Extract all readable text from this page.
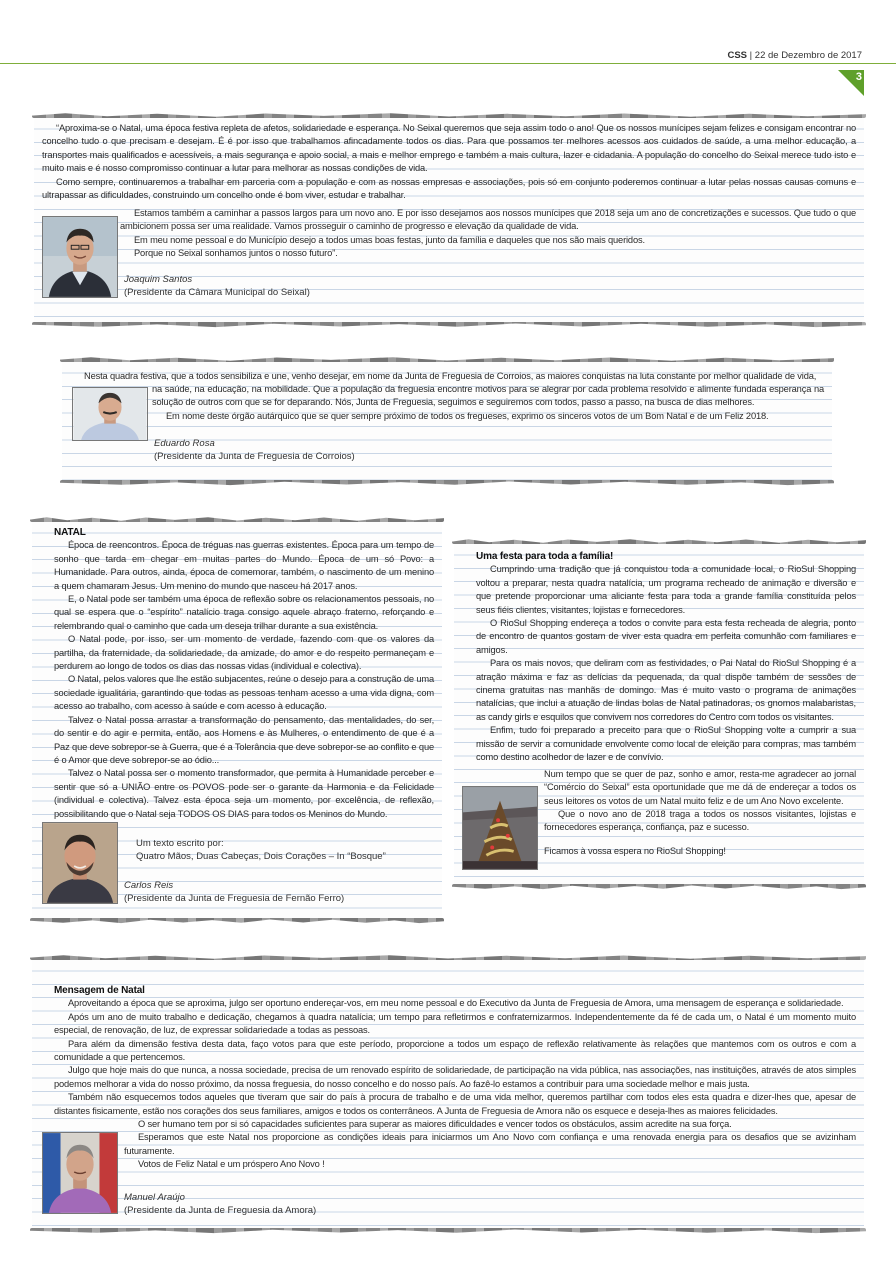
CSS | 22 de Dezembro de 2017
3

“Aproxima-se o Natal, uma época festiva repleta de afetos, solidariedade e esperança. No Seixal queremos que seja assim todo o ano! Que os nossos munícipes sejam felizes e consigam encontrar no concelho tudo o que precisam e desejam. É é por isso que trabalhamos afincadamente todos os dias. Para que possamos ter melhores acessos aos cuidados de saúde, a uma melhor educação, a transportes mais qualificados e acessíveis, a mais segurança e apoio social, a mais e melhor emprego e também a mais cultura, lazer e cidadania. A população do concelho do Seixal merece tudo isto e muito mais e é nosso compromisso continuar a lutar para melhorar as nossas condições de vida.

Como sempre, continuaremos a trabalhar em parceria com a população e com as nossas empresas e associações, pois só em conjunto poderemos continuar a lutar pelas nossas causas comuns e ultrapassar as dificuldades, construindo um concelho onde é bom viver, estudar e trabalhar.

Estamos também a caminhar a passos largos para um novo ano. E por isso desejamos aos nossos munícipes que 2018 seja um ano de concretizações e sucessos. Que tudo o que ambicionem possa ser uma realidade. Vamos prosseguir o caminho de progresso e elevação da qualidade de vida.

Em meu nome pessoal e do Município desejo a todos umas boas festas, junto da família e daqueles que nos são mais queridos.

Porque no Seixal sonhamos juntos o nosso futuro”.

Joaquim Santos
(Presidente da Câmara Municipal do Seixal)

Nesta quadra festiva, que a todos sensibiliza e une, venho desejar, em nome da Junta de Freguesia de Corroios, as maiores conquistas na luta constante por melhor qualidade de vida,

na saúde, na educação, na mobilidade. Que a população da freguesia encontre motivos para se alegrar por cada problema resolvido e alimente fundada esperança na solução de outros com que se for deparando. Nós, Junta de Freguesia, seguimos e seguiremos com todos, passo a passo, na busca de dias melhores.

Em nome deste órgão autárquico que se quer sempre próximo de todos os fregueses, exprimo os sinceros votos de um Bom Natal e de um Feliz 2018.

Eduardo Rosa
(Presidente da Junta de Freguesia de Corroios)

NATAL

Época de reencontros. Época de tréguas nas guerras existentes. Época para um tempo de sonho que tarda em chegar em muitas partes do Mundo. Época de um só Povo: a Humanidade. Para outros, ainda, época de comemorar, também, o nascimento de um menino a quem chamaram Jesus. Um menino do mundo que nasceu há 2017 anos.

E, o Natal pode ser também uma época de reflexão sobre os relacionamentos pessoais, no qual se espera que o “espírito” natalício traga consigo aquele abraço fraterno, reforçando e relembrando qual o caminho que cada um deseja trilhar durante a sua existência.

O Natal pode, por isso, ser um momento de verdade, fazendo com que os valores da partilha, da fraternidade, da solidariedade, da amizade, do amor e do respeito permaneçam e perdurem ao longo de todos os dias das nossas vidas (individual e colectiva).

O Natal, pelos valores que lhe estão subjacentes, reúne o desejo para a construção de uma sociedade igualitária, garantindo que todas as pessoas tenham acesso a uma vida digna, com acesso ao trabalho, com acesso à saúde e com acesso à educação.

Talvez o Natal possa arrastar a transformação do pensamento, das mentalidades, do ser, do sentir e do agir e permita, então, aos Homens e às Mulheres, o entendimento de que é a Paz que deve sobrepor-se à Guerra, que é a Tolerância que deve sobrepor-se ao conflito e que é o Amor que deve sobrepor-se ao ódio...

Talvez o Natal possa ser o momento transformador, que permita à Humanidade perceber e sentir que só a UNIÃO entre os POVOS pode ser o garante da Harmonia e da Felicidade (individual e colectiva). Talvez esta época seja um momento, por excelência, de reflexão, possibilitando que o Natal seja TODOS OS DIAS para todos os Meninos do Mundo.

Um texto escrito por:
Quatro Mãos, Duas Cabeças, Dois Corações – In “Bosque”
Carlos Reis
(Presidente da Junta de Freguesia de Fernão Ferro)

Uma festa para toda a família!

Cumprindo uma tradição que já conquistou toda a comunidade local, o RioSul Shopping voltou a preparar, nesta quadra natalícia, um programa recheado de animação e diversão e que pretende proporcionar uma aliciante festa para toda a grande família constituída pelos seus fiéis clientes, visitantes, lojistas e fornecedores.

O RioSul Shopping endereça a todos o convite para esta festa recheada de alegria, ponto de encontro de quantos gostam de viver esta quadra em perfeita comunhão com familiares e amigos.

Para os mais novos, que deliram com as festividades, o Pai Natal do RioSul Shopping é a atração máxima e faz as delícias da pequenada, da qual dispõe também de sessões de cinema gratuitas nas manhãs de domingo. Mas é muito vasto o programa de animações natalícias, que inclui a atuação de lindas bolas de Natal patinadoras, os gnomos malabaristas, as candy girls e esquilos que convivem nos corredores do Centro com todos os visitantes.

Enfim, tudo foi preparado a preceito para que o RioSul Shopping volte a cumprir a sua missão de servir a comunidade envolvente como local de eleição para compras, mas também como destino acolhedor de lazer e de convívio.

Num tempo que se quer de paz, sonho e amor, resta-me agradecer ao jornal “Comércio do Seixal” esta oportunidade que me dá de endereçar a todos os seus leitores os votos de um Natal muito feliz e de um Ano Novo excelente.

Que o novo ano de 2018 traga a todos os nossos visitantes, lojistas e fornecedores esperança, confiança, paz e sucesso.

Ficamos à vossa espera no RioSul Shopping!

Mensagem de Natal

Aproveitando a época que se aproxima, julgo ser oportuno endereçar-vos, em meu nome pessoal e do Executivo da Junta de Freguesia de Amora, uma mensagem de esperança e solidariedade.

Após um ano de muito trabalho e dedicação, chegamos à quadra natalícia; um tempo para refletirmos e confraternizarmos. Independentemente da fé de cada um, o Natal é um momento muito especial, de renovação, de luz, de expressar solidariedade a todas as pessoas.

Para além da dimensão festiva desta data, faço votos para que este período, proporcione a todos um espaço de reflexão relativamente às relações que mantemos com os outros e com a comunidade a que pertencemos.

Julgo que hoje mais do que nunca, a nossa sociedade, precisa de um renovado espírito de solidariedade, de participação na vida pública, nas associações, nas instituições, através de atos simples podemos melhorar a vida do nosso próximo, da nossa freguesia, do nosso concelho e do nosso país. Ao fazê-lo estamos a contribuir para uma sociedade melhor e mais justa.

Também não esquecemos todos aqueles que tiveram que sair do país à procura de trabalho e de uma vida melhor, queremos partilhar com todos eles esta quadra e dizer-lhes que, apesar de distantes fisicamente, estão nos corações dos seus familiares, amigos e todos os conterrâneos. A Junta de Freguesia de Amora não os esquece e deseja-lhes as maiores felicidades.

O ser humano tem por si só capacidades suficientes para superar as maiores dificuldades e vencer todos os obstáculos, assim acredite na sua força.

Esperamos que este Natal nos proporcione as condições ideais para iniciarmos um Ano Novo com confiança e uma renovada energia para os desafios que se avizinham futuramente.

Votos de Feliz Natal e um próspero Ano Novo !

Manuel Araújo
(Presidente da Junta de Freguesia da Amora)
